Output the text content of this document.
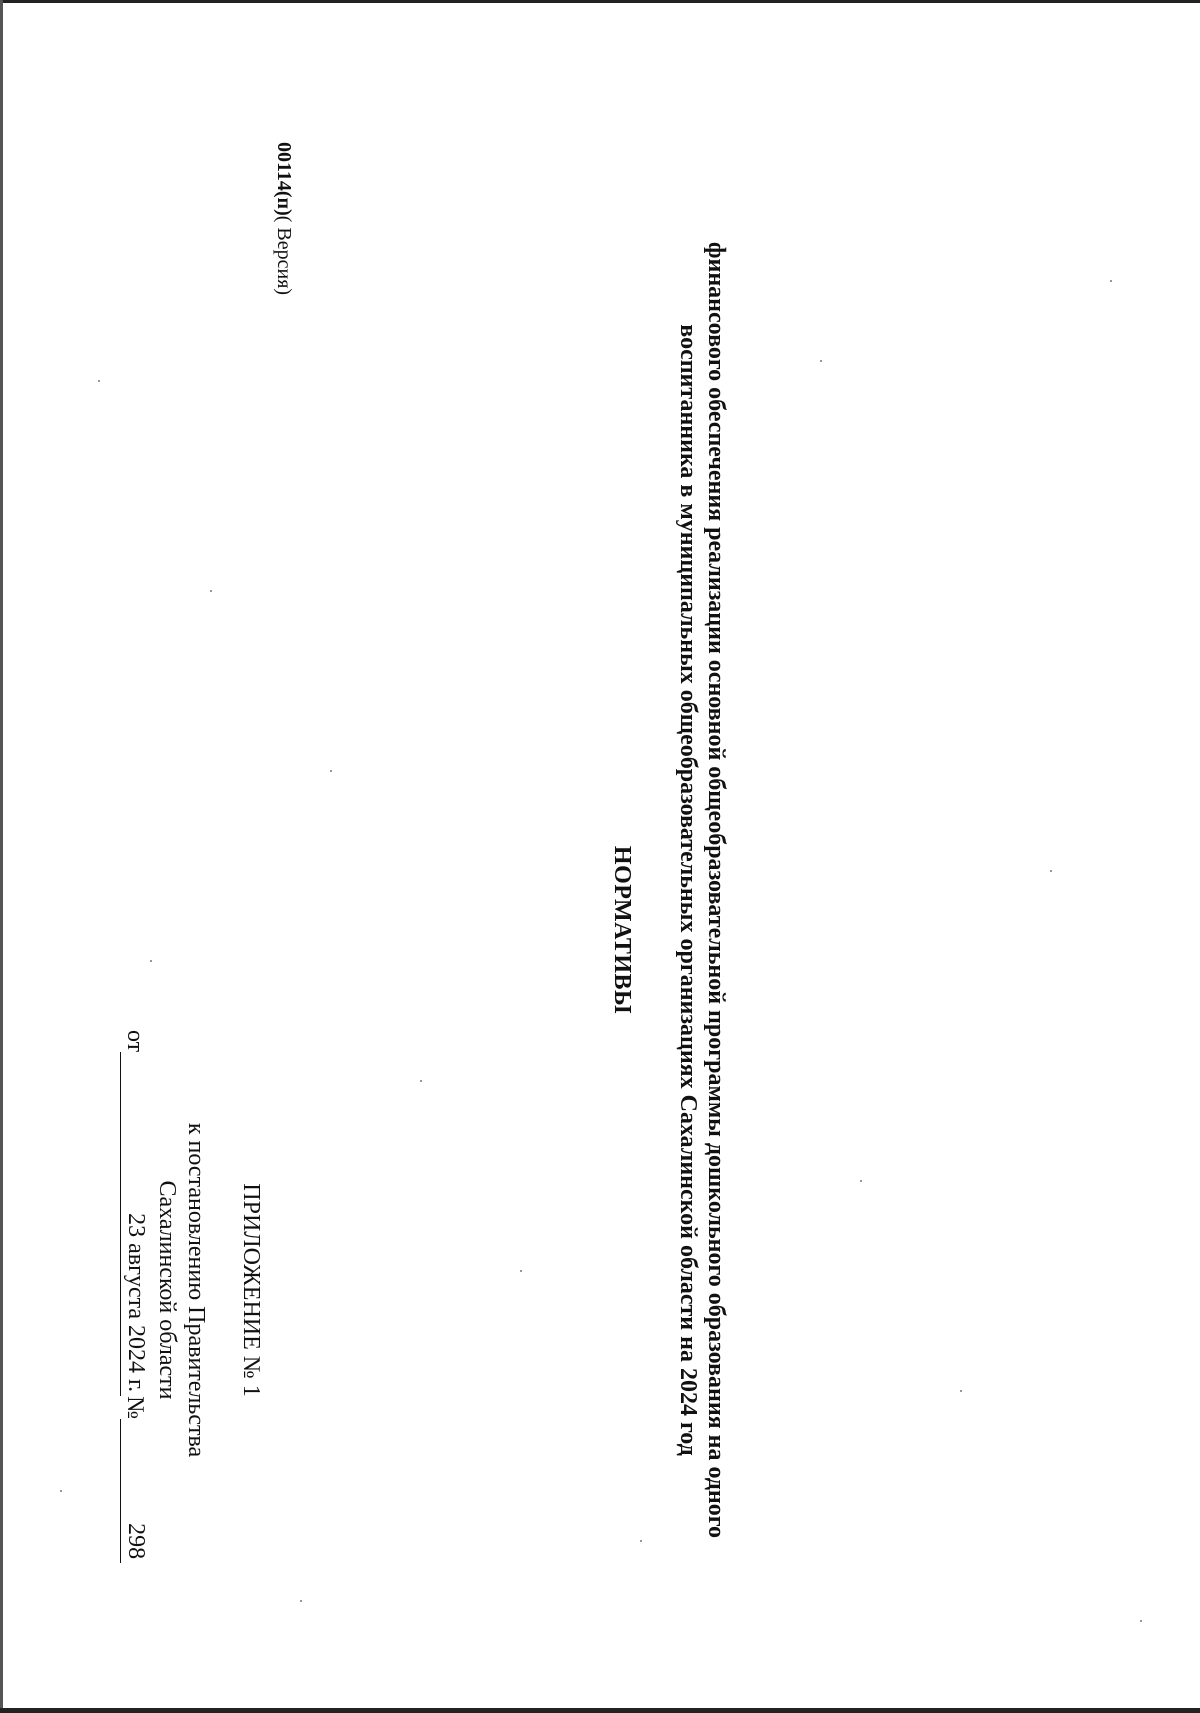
ПРИЛОЖЕНИЕ № 1
к постановлению Правительства
Сахалинской области
от
23 августа 2024 г.
№
298
НОРМАТИВЫ	финансового обеспечения реализации основной общеобразовательной программы дошкольного образования на одного воспитанника в муниципальных общеобразовательных организациях Сахалинской области на 2024 год
00114(п)( Версия)
